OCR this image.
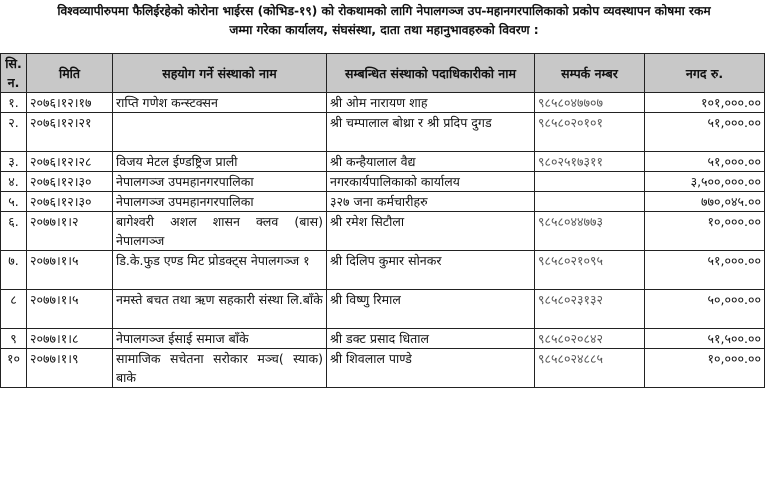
विश्वव्यापीरुपमा फैलिईरहेको कोरोना भाईरस (कोभिड-१९) को रोकथामको लागि नेपालगञ्ज उप-महानगरपालिकाको प्रकोप व्यवस्थापन कोषमा रकम
जम्मा गरेका कार्यालय, संघसंस्था, दाता तथा महानुभावहरुको विवरण :
सि. न.	मिति	सहयोग गर्ने संस्थाको नाम	सम्बन्धित संस्थाको पदाधिकारीको नाम	सम्पर्क नम्बर	नगद रु.
१.	२०७६।१२।१७	राप्ति गणेश कन्स्टक्सन	श्री ओम नारायण शाह	९८५८०४७७०७	१०१,०००.००
२.	२०७६।१२।२१		श्री चम्पालाल बोथ्रा र श्री प्रदिप दुगड	९८५८०२०१०१	५१,०००.००
३.	२०७६।१२।२८	विजय मेटल ईण्डष्ट्रिज प्राली	श्री कन्हैयालाल वैद्य	९८०२५१७३११	५१,०००.००
४.	२०७६।१२।३०	नेपालगञ्ज उपमहानगरपालिका	नगरकार्यपालिकाको कार्यालय		३,५००,०००.००
५.	२०७६।१२।३०	नेपालगञ्ज उपमहानगरपालिका	३२७ जना कर्मचारीहरु		७७०,०४५.००
६.	२०७७।१।२	बागेश्वरी अशल शासन क्लव (बास) नेपालगञ्ज	श्री रमेश सिटौला	९८५८०४४७७३	१०,०००.००
७.	२०७७।१।५	डि.के.फुड एण्ड मिट प्रोडक्ट्स नेपालगञ्ज १	श्री दिलिप कुमार सोनकर	९८५८०२१०९५	५१,०००.००
८	२०७७।१।५	नमस्ते बचत तथा ऋण सहकारी संस्था लि.बाँके	श्री विष्णु रिमाल	९८५८०२३१३२	५०,०००.००
९	२०७७।१।८	नेपालगञ्ज ईसाई समाज बाँके	श्री डक्ट प्रसाद धिताल	९८५८०२०८४२	५१,५००.००
१०	२०७७।१।९	सामाजिक सचेतना सरोकार मञ्च( स्याक) बाके	श्री शिवलाल पाण्डे	९८५८०२४८८५	१०,०००.००
